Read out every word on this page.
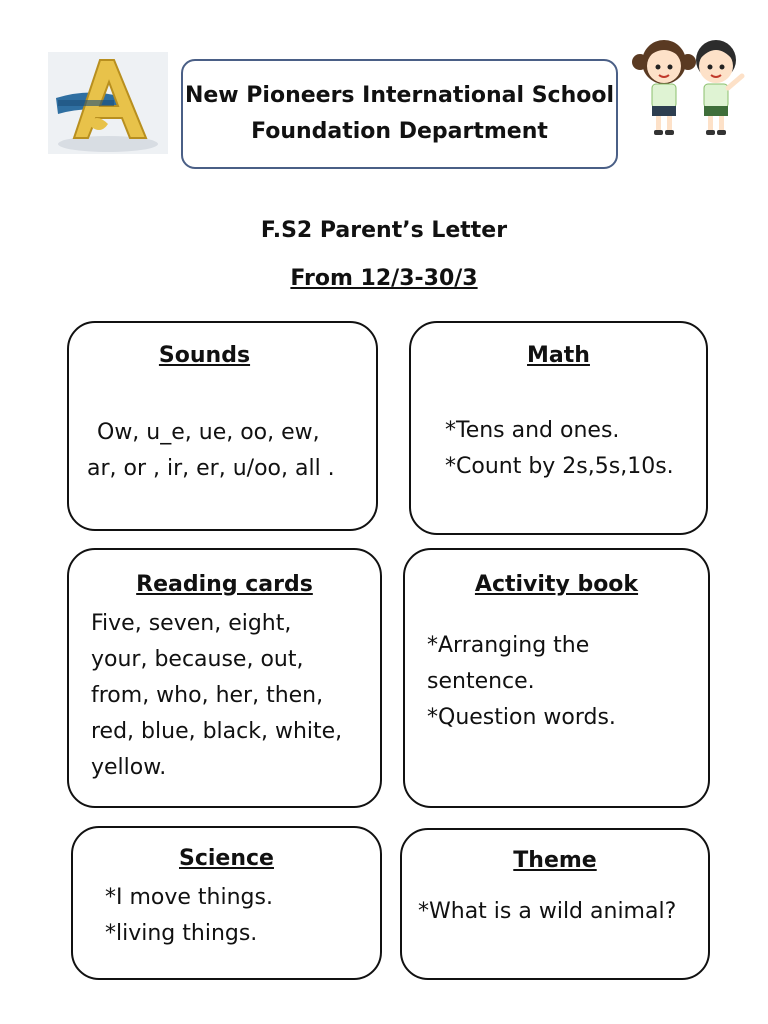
New Pioneers International School
Foundation Department
F.S2 Parent’s Letter
From 12/3-30/3
Sounds
Ow, u_e, ue, oo, ew,
ar, or , ir, er, u/oo, all .
Math
*Tens and ones.
*Count by 2s,5s,10s.
Reading cards
Five, seven, eight,
your, because, out,
from, who, her, then,
red, blue, black, white,
yellow.
Activity book
*Arranging the
sentence.
*Question words.
Science
*I move things.
*living things.
Theme
*What is a wild animal?
